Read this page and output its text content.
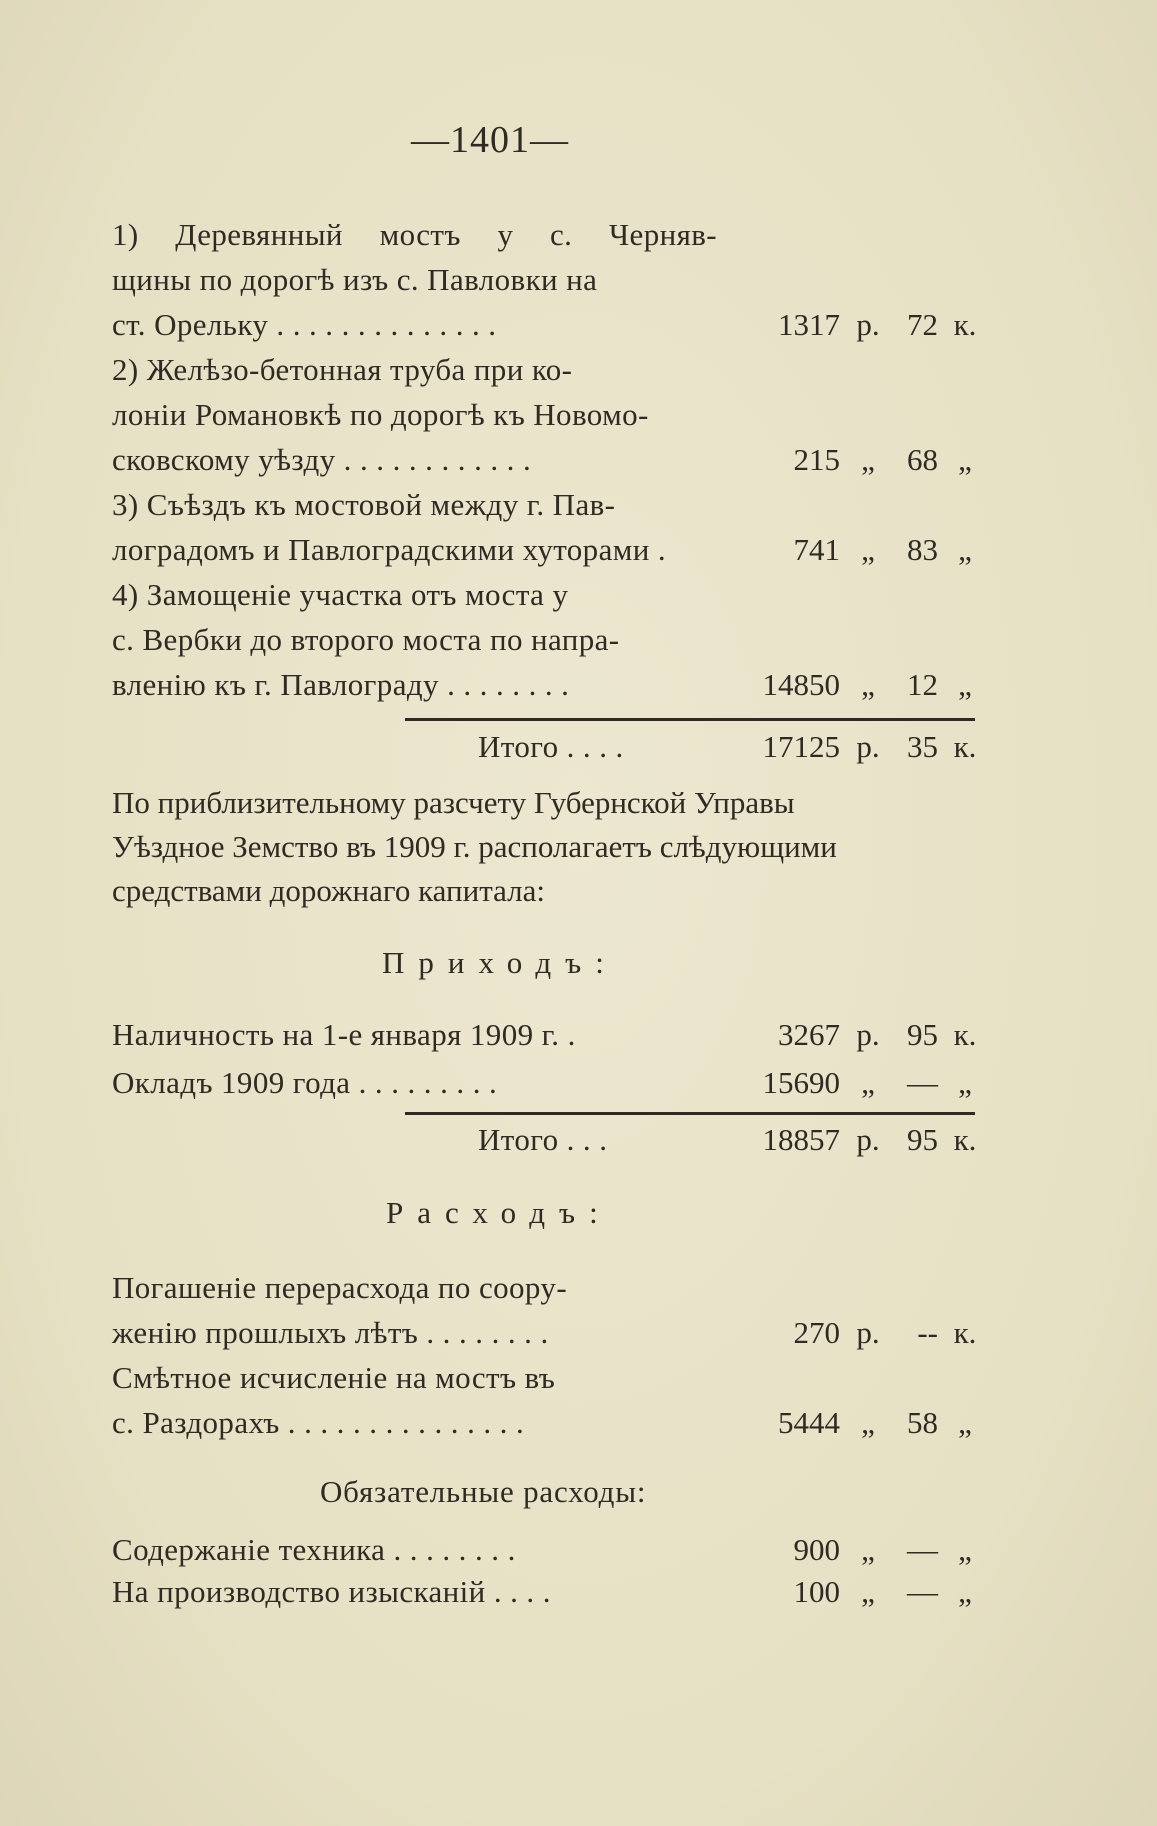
—1401—
1) Деревянный мостъ у с. Черняв-
щины по дорогѣ изъ с. Павловки на
ст. Орельку . . . . . . . . . . . . . .	1317 р. 72 к.
2) Желѣзо-бетонная труба при ко-
лоніи Романовкѣ по дорогѣ къ Новомо-
сковскому уѣзду . . . . . . . . . . . .	215 „	68 „
3) Съѣздъ къ мостовой между г. Пав-
логрaдомъ и Павлоградскими хуторами .	741 „	83 „
4) Замощеніе участка отъ моста у
с. Вербки до второго моста по напра-
вленію къ г. Павлограду . . . . . . . .	14850 „	12 „
Итого . . . .	17125 р. 35 к.
По приблизительному разсчету Губернской Управы
Уѣздное Земство въ 1909 г. располагаетъ слѣдующими
средствами дорожнаго капитала:
Приходъ:
Наличность на 1-е января 1909 г. .	3267 р. 95 к.
Окладъ 1909 года . . . . . . . . .	15690 „	— „
Итого . . .	18857 р. 95 к.
Расходъ:
Погашеніе перерасхода по соору-
женію прошлыхъ лѣтъ . . . . . . . .	270 р.	-- к.
Смѣтное исчисленіе на мостъ въ
с. Раздорахъ . . . . . . . . . . . . . . .	5444 „	58 „
Обязательные расходы:
Содержаніе техника . . . . . . . .	900 „	— „
На производство изысканій . . . .	100 „	— „
